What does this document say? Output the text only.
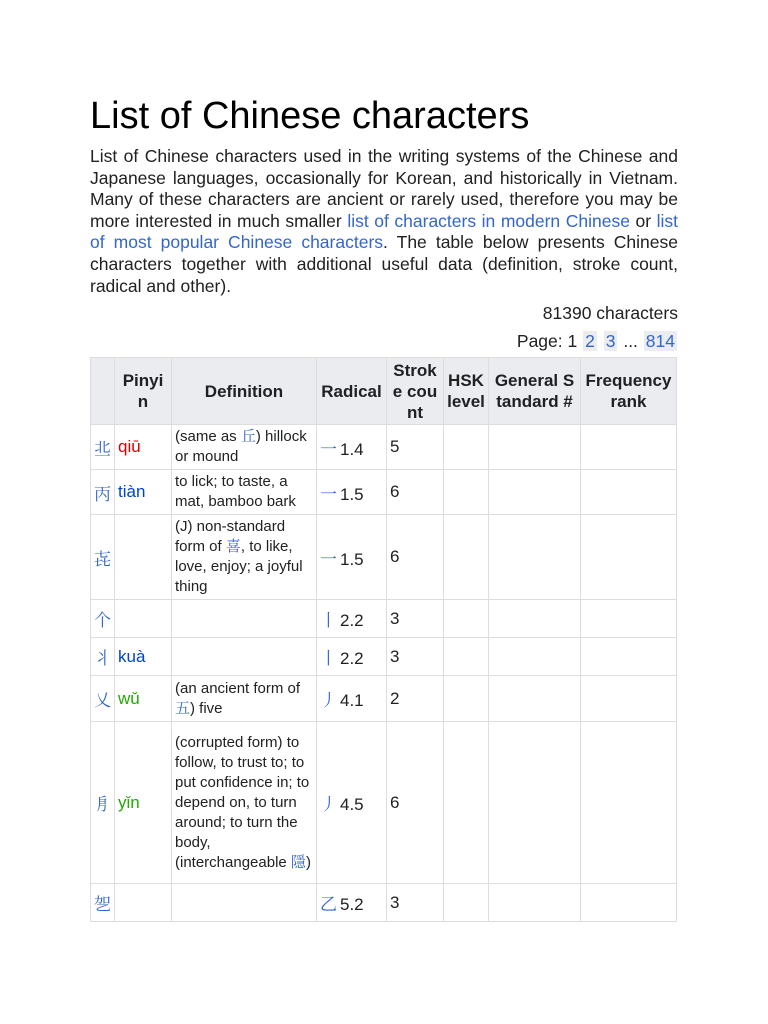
List of Chinese characters

List of Chinese characters used in the writing systems of the Chinese and Japanese languages, occasionally for Korean, and historically in Vietnam. Many of these characters are ancient or rarely used, therefore you may be more interested in much smaller list of characters in modern Chinese or list of most popular Chinese characters. The table below presents Chinese characters together with additional useful data (definition, stroke count, radical and other).

81390 characters
Page: 1 2 3 ... 814
	Pinyin	Definition	Radical	Stroke count	HSK level	General Standard #	Frequency rank
丠	qiū	(same as 丘) hillock or mound	一 1.4	5			
丙	tiàn	to lick; to taste, a mat, bamboo bark	一 1.5	6			
㐂		(J) non-standard form of 喜, to like, love, enjoy; a joyful thing	一 1.5	6			
个			丨 2.2	3			
丬	kuà		丨 2.2	3			
乂	wǔ	(an ancient form of 五) five	丿 4.1	2			
㐆	yǐn	(corrupted form) to follow, to trust to; to put confidence in; to depend on, to turn around; to turn the body, (interchangeable 隱)	丿 4.5	6			
乫			乙 5.2	3			
